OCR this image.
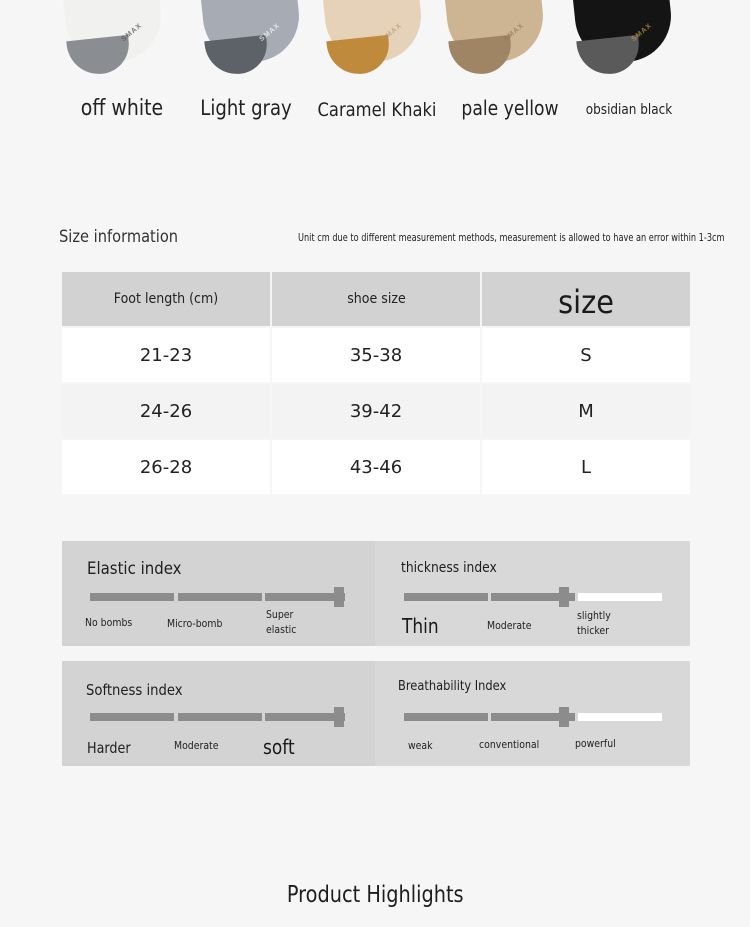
SMAX	SMAX	SMAX	SMAX	SMAX
off white	Light gray	Caramel Khaki	pale yellow	obsidian black
Size information	Unit cm due to different measurement methods, measurement is allowed to have an error within 1-3cm
Foot length (cm)	shoe size	size
21-23	35-38	S
24-26	39-42	M
26-28	43-46	L
Elastic index
No bombs	Micro-bomb
Super elastic
thickness index
Thin	Moderate
slightly thicker
Softness index
Harder	Moderate soft
Breathability Index
weak	conventional	powerful
Product Highlights
